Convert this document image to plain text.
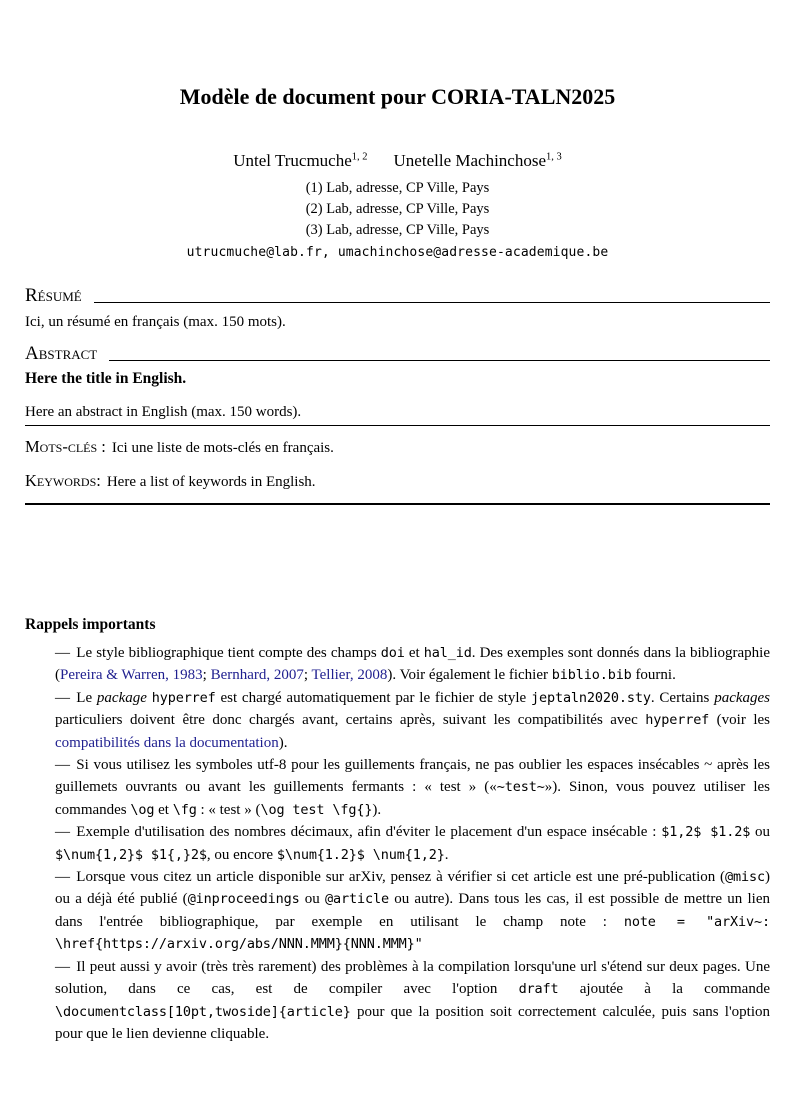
Modèle de document pour CORIA-TALN2025
Untel Trucmuche$^{1, 2}$ Unetelle Machinchose$^{1, 3}$
(1) Lab, adresse, CP Ville, Pays
(2) Lab, adresse, CP Ville, Pays
(3) Lab, adresse, CP Ville, Pays
utrucmuche@lab.fr, umachinchose@adresse-academique.be
Résumé

Ici, un résumé en français (max. 150 mots).

Abstract

Here the title in English.

Here an abstract in English (max. 150 words).

Mots-clés : Ici une liste de mots-clés en français.
Keywords: Here a list of keywords in English.
Rappels importants
— Le style bibliographique tient compte des champs doi et hal_id. Des exemples sont donnés dans la bibliographie (Pereira & Warren, 1983; Bernhard, 2007; Tellier, 2008). Voir également le fichier biblio.bib fourni.
— Le package hyperref est chargé automatiquement par le fichier de style jeptaln2020.sty. Certains packages particuliers doivent être donc chargés avant, certains après, suivant les compatibilités avec hyperref (voir les compatibilités dans la documentation).
— Si vous utilisez les symboles utf-8 pour les guillements français, ne pas oublier les espaces insécables ~ après les guillemets ouvrants ou avant les guillements fermants : « test » («~test~»). Sinon, vous pouvez utiliser les commandes \og et \fg : « test » (\og test \fg{}).
— Exemple d'utilisation des nombres décimaux, afin d'éviter le placement d'un espace insécable : $1,2$ $1.2$ ou $\num{1,2}$ $1{,}2$, ou encore $\num{1.2}$ \num{1,2}.
— Lorsque vous citez un article disponible sur arXiv, pensez à vérifier si cet article est une pré-publication (@misc) ou a déjà été publié (@inproceedings ou @article ou autre). Dans tous les cas, il est possible de mettre un lien dans l'entrée bibliographique, par exemple en utilisant le champ note : note = "arXiv~: \href{https://arxiv.org/abs/NNN.MMM}{NNN.MMM}"
— Il peut aussi y avoir (très très rarement) des problèmes à la compilation lorsqu'une url s'étend sur deux pages. Une solution, dans ce cas, est de compiler avec l'option draft ajoutée à la commande \documentclass[10pt,twoside]{article} pour que la position soit correctement calculée, puis sans l'option pour que le lien devienne cliquable.
